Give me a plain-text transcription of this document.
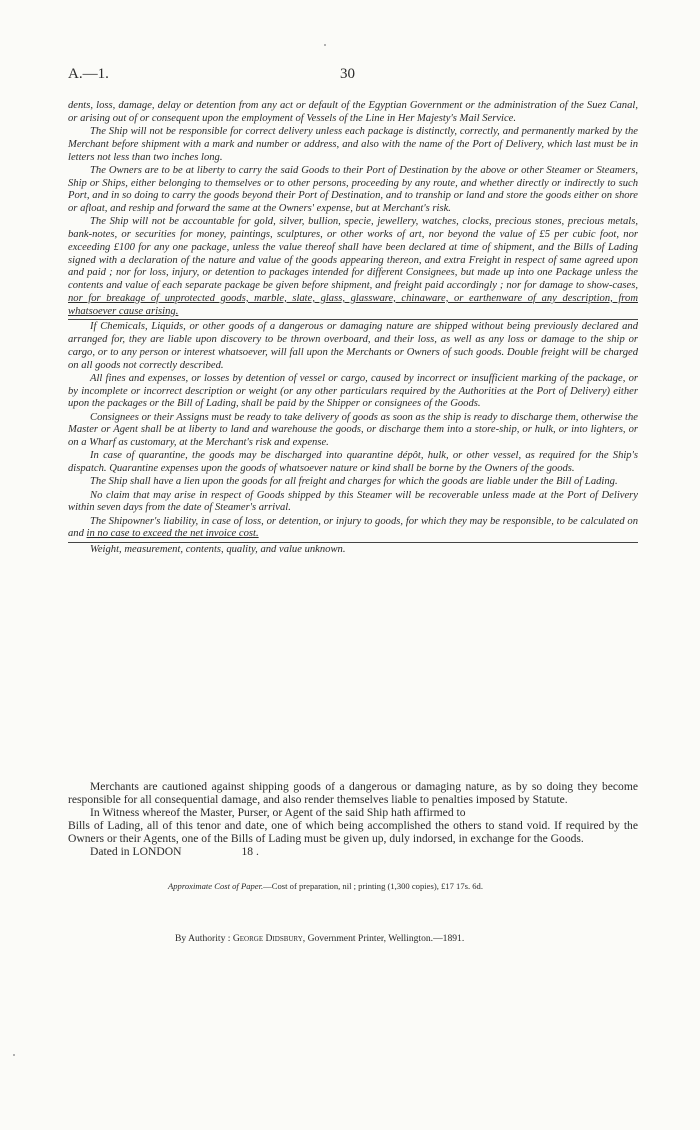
A.—1.	30

dents, loss, damage, delay or detention from any act or default of the Egyptian Government or the administration of the Suez Canal, or arising out of or consequent upon the employment of Vessels of the Line in Her Majesty's Mail Service.

The Ship will not be responsible for correct delivery unless each package is distinctly, correctly, and permanently marked by the Merchant before shipment with a mark and number or address, and also with the name of the Port of Delivery, which last must be in letters not less than two inches long.

The Owners are to be at liberty to carry the said Goods to their Port of Destination by the above or other Steamer or Steamers, Ship or Ships, either belonging to themselves or to other persons, proceeding by any route, and whether directly or indirectly to such Port, and in so doing to carry the goods beyond their Port of Destination, and to tranship or land and store the goods either on shore or afloat, and reship and forward the same at the Owners' expense, but at Merchant's risk.

The Ship will not be accountable for gold, silver, bullion, specie, jewellery, watches, clocks, precious stones, precious metals, bank-notes, or securities for money, paintings, sculptures, or other works of art, nor beyond the value of £5 per cubic foot, nor exceeding £100 for any one package, unless the value thereof shall have been declared at time of shipment, and the Bills of Lading signed with a declaration of the nature and value of the goods appearing thereon, and extra Freight in respect of same agreed upon and paid ; nor for loss, injury, or detention to packages intended for different Consignees, but made up into one Package unless the contents and value of each separate package be given before shipment, and freight paid accordingly ; nor for damage to show-cases, nor for breakage of unprotected goods, marble, slate, glass, glassware, chinaware, or earthenware of any description, from whatsoever cause arising.

If Chemicals, Liquids, or other goods of a dangerous or damaging nature are shipped without being previously declared and arranged for, they are liable upon discovery to be thrown overboard, and their loss, as well as any loss or damage to the ship or cargo, or to any person or interest whatsoever, will fall upon the Merchants or Owners of such goods. Double freight will be charged on all goods not correctly described.

All fines and expenses, or losses by detention of vessel or cargo, caused by incorrect or insufficient marking of the package, or by incomplete or incorrect description or weight (or any other particulars required by the Authorities at the Port of Delivery) either upon the packages or the Bill of Lading, shall be paid by the Shipper or consignees of the Goods.

Consignees or their Assigns must be ready to take delivery of goods as soon as the ship is ready to discharge them, otherwise the Master or Agent shall be at liberty to land and warehouse the goods, or discharge them into a store-ship, or hulk, or into lighters, or on a Wharf as customary, at the Merchant's risk and expense.

In case of quarantine, the goods may be discharged into quarantine dépôt, hulk, or other vessel, as required for the Ship's dispatch. Quarantine expenses upon the goods of whatsoever nature or kind shall be borne by the Owners of the goods.

The Ship shall have a lien upon the goods for all freight and charges for which the goods are liable under the Bill of Lading.

No claim that may arise in respect of Goods shipped by this Steamer will be recoverable unless made at the Port of Delivery within seven days from the date of Steamer's arrival.

The Shipowner's liability, in case of loss, or detention, or injury to goods, for which they may be responsible, to be calculated on and in no case to exceed the net invoice cost.

Weight, measurement, contents, quality, and value unknown.

Merchants are cautioned against shipping goods of a dangerous or damaging nature, as by so doing they become responsible for all consequential damage, and also render themselves liable to penalties imposed by Statute.

In Witness whereof the Master, Purser, or Agent of the said Ship hath affirmed to

Bills of Lading, all of this tenor and date, one of which being accomplished the others to stand void. If required by the Owners or their Agents, one of the Bills of Lading must be given up, duly indorsed, in exchange for the Goods.

Dated in LONDON	18 .

Approximate Cost of Paper.—Cost of preparation, nil ; printing (1,300 copies), £17 17s. 6d.
By Authority : George Didsbury, Government Printer, Wellington.—1891.
